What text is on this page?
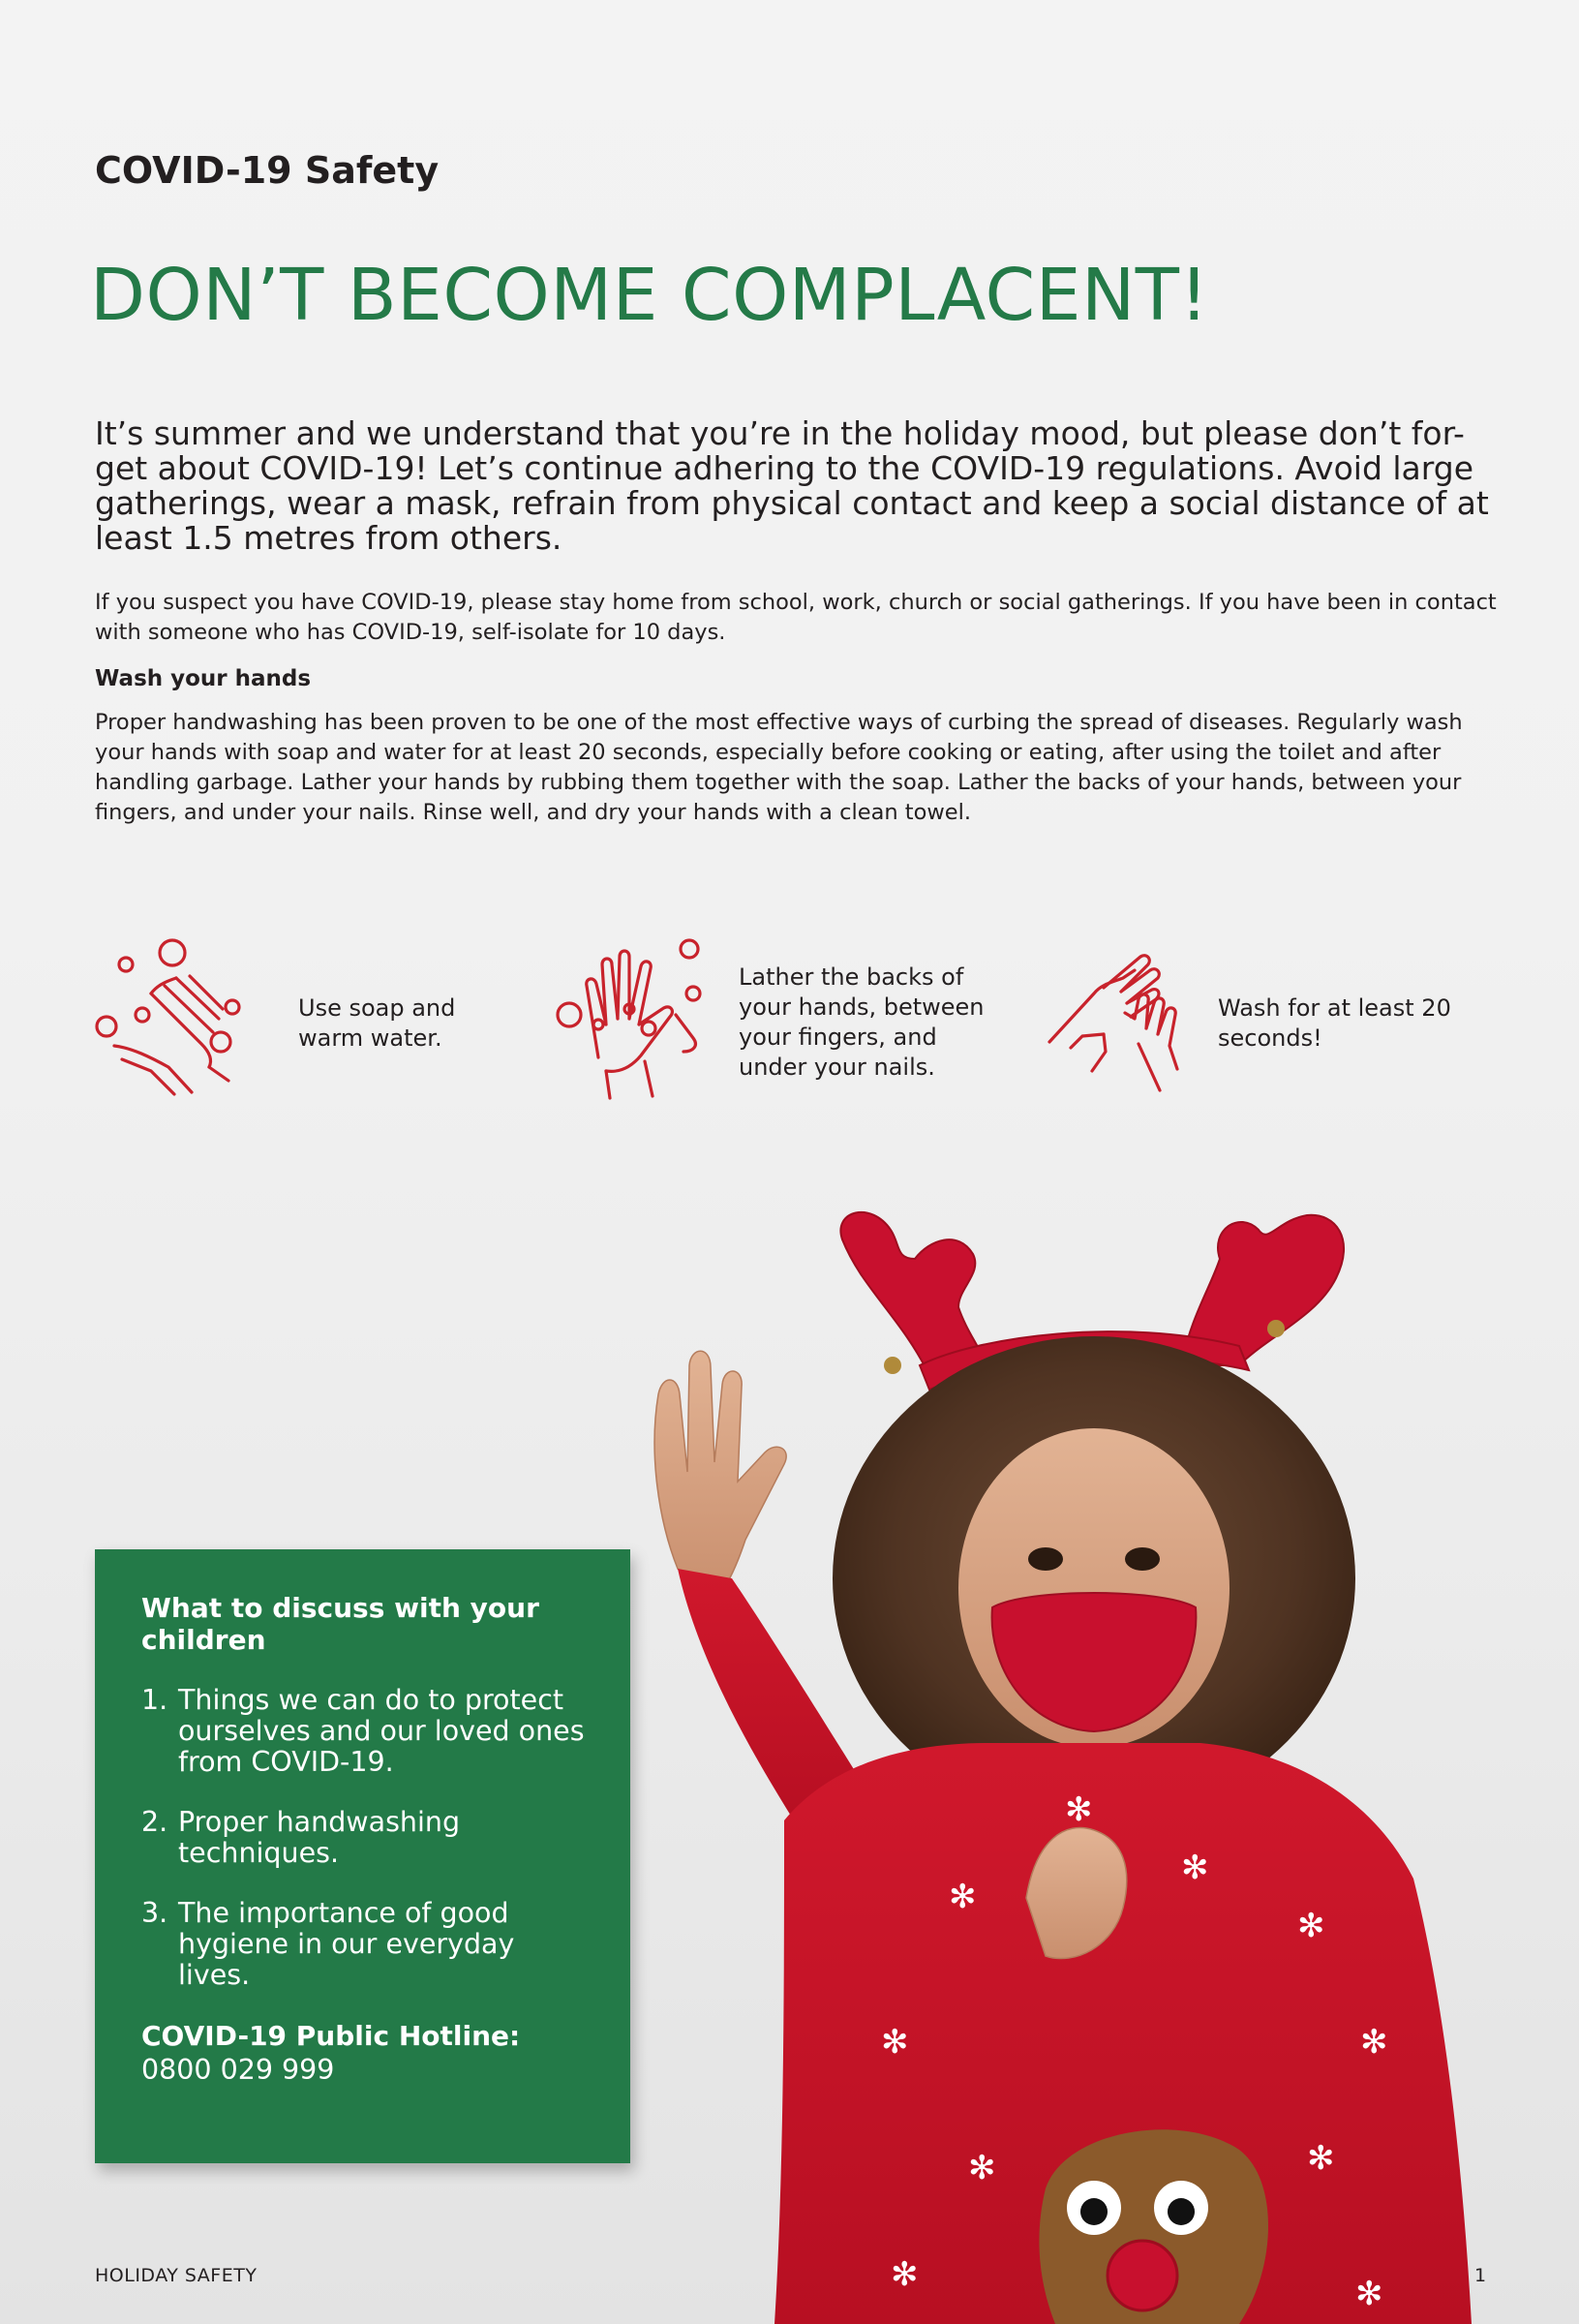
COVID-19 Safety
DON’T BECOME COMPLACENT!
It’s summer and we understand that you’re in the holiday mood, but please don’t for-get about COVID-19! Let’s continue adhering to the COVID-19 regulations. Avoid large gatherings, wear a mask, refrain from physical contact and keep a social distance of at least 1.5 metres from others.
If you suspect you have COVID-19, please stay home from school, work, church or social gatherings. If you have been in contact with someone who has COVID-19, self-isolate for 10 days.
Wash your hands
Proper handwashing has been proven to be one of the most effective ways of curbing the spread of diseases. Regularly wash your hands with soap and water for at least 20 seconds, especially before cooking or eating, after using the toilet and after handling garbage. Lather your hands by rubbing them together with the soap. Lather the backs of your hands, between your fingers, and under your nails. Rinse well, and dry your hands with a clean towel.
Use soap and warm water.
Lather the backs of your hands, between your fingers, and under your nails.
Wash for at least 20 seconds!
✻
✻
✻
✻
✻
✻
✻
✻
✻	✻
What to discuss with your children
1. Things we can do to protect ourselves and our loved ones from COVID-19.
2. Proper handwashing techniques.
3. The importance of good hygiene in our everyday lives.
COVID-19 Public Hotline:
0800 029 999
HOLIDAY SAFETY	1
